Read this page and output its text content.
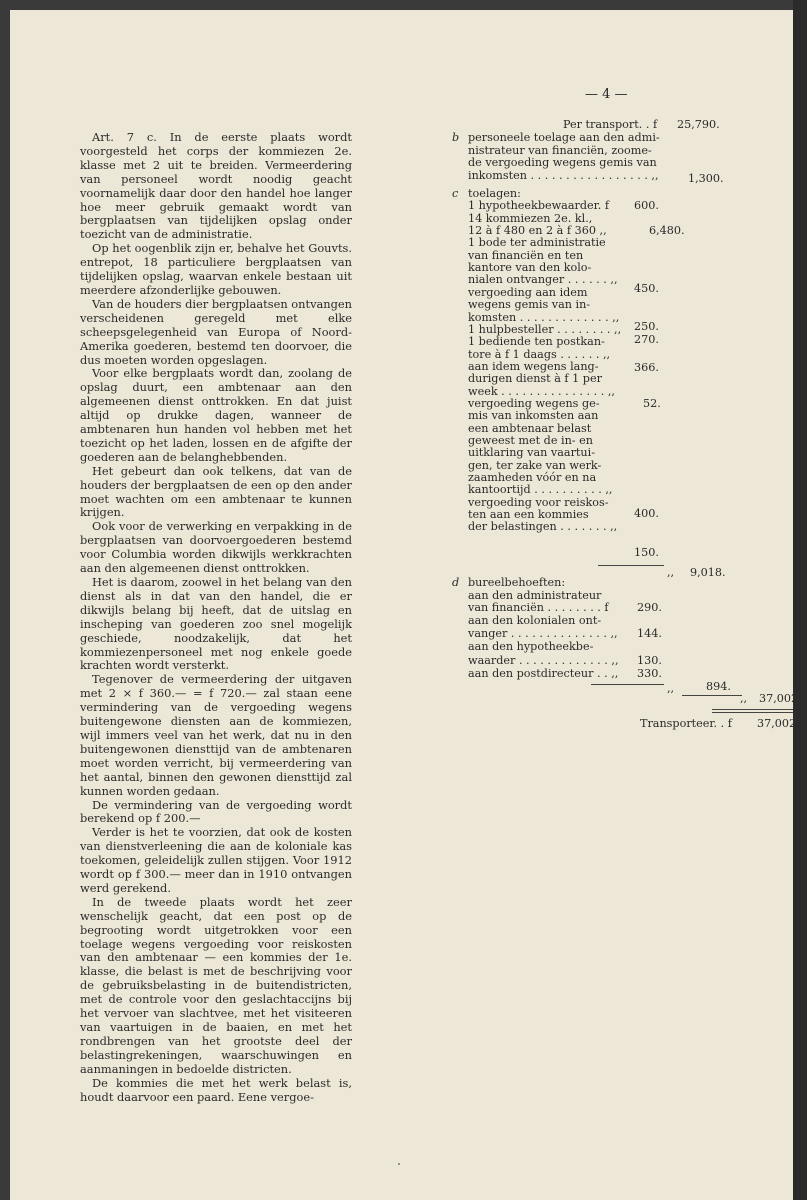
— 4 —

Art. 7 c. In de eerste plaats wordt voorgesteld het corps der kommiezen 2e. klasse met 2 uit te breiden. Vermeerdering van personeel wordt noodig geacht voornamelijk daar door den handel hoe langer hoe meer gebruik gemaakt wordt van bergplaatsen van tijdelijken opslag onder toezicht van de administratie.

Op het oogenblik zijn er, behalve het Gouvts. entrepot, 18 particuliere bergplaatsen van tijdelijken opslag, waarvan enkele bestaan uit meerdere afzonderlijke gebouwen.

Van de houders dier bergplaatsen ontvangen verscheidenen geregeld met elke scheepsgelegenheid van Europa of Noord-Amerika goederen, bestemd ten doorvoer, die dus moeten worden opgeslagen.

Voor elke bergplaats wordt dan, zoolang de opslag duurt, een ambtenaar aan den algemeenen dienst onttrokken. En dat juist altijd op drukke dagen, wanneer de ambtenaren hun handen vol hebben met het toezicht op het laden, lossen en de afgifte der goederen aan de belanghebbenden.

Het gebeurt dan ook telkens, dat van de houders der bergplaatsen de een op den ander moet wachten om een ambtenaar te kunnen krijgen.

Ook voor de verwerking en verpakking in de bergplaatsen van doorvoergoederen bestemd voor Columbia worden dikwijls werkkrachten aan den algemeenen dienst onttrokken.

Het is daarom, zoowel in het belang van den dienst als in dat van den handel, die er dikwijls belang bij heeft, dat de uitslag en inscheping van goederen zoo snel mogelijk geschiede, noodzakelijk, dat het kommiezenpersoneel met nog enkele goede krachten wordt versterkt.

Tegenover de vermeerdering der uitgaven met 2 × f 360.— = f 720.— zal staan eene vermindering van de vergoeding wegens buitengewone diensten aan de kommiezen, wijl immers veel van het werk, dat nu in den buitengewonen diensttijd van de ambtenaren moet worden verricht, bij vermeerdering van het aantal, binnen den gewonen diensttijd zal kunnen worden gedaan.

De vermindering van de vergoeding wordt berekend op f 200.—

Verder is het te voorzien, dat ook de kosten van dienstverleening die aan de koloniale kas toekomen, geleidelijk zullen stijgen. Voor 1912 wordt op f 300.— meer dan in 1910 ontvangen werd gerekend.

In de tweede plaats wordt het zeer wenschelijk geacht, dat een post op de begrooting wordt uitgetrokken voor een toelage wegens vergoeding voor reiskosten van den ambtenaar — een kommies der 1e. klasse, die belast is met de beschrijving voor de gebruiksbelasting in de buitendistricten, met de controle voor den geslachtaccijns bij het vervoer van slachtvee, met het visiteeren van vaartuigen in de baaien, en met het rondbrengen van het grootste deel der belastingrekeningen, waarschuwingen en aanmaningen in bedoelde districten.

De kommies die met het werk belast is, houdt daarvoor een paard. Eene vergoe-

Per transport. . f 25,790.
b personeele toelage aan den admi-
nistrateur van financiën, zoome-
de vergoeding wegens gemis van
inkomsten . . . . . . . . . . . . . . . . . ,,	1,300.
c toelagen:
1 hypotheekbewaarder. f
14 kommiezen 2e. kl.,
12 à f 480 en 2 à f 360 ,,
1 bode ter administratie
van financiën en ten
kantore van den kolo-
nialen ontvanger . . . . . . ,,
vergoeding aan idem
wegens gemis van in-
komsten . . . . . . . . . . . . . ,,
1 hulpbesteller . . . . . . . . ,,
1 bediende ten postkan-
tore à f 1 daags . . . . . . ,,
aan idem wegens lang-
durigen dienst à f 1 per
week . . . . . . . . . . . . . . . ,,
vergoeding wegens ge-
mis van inkomsten aan
een ambtenaar belast
geweest met de in- en
uitklaring van vaartui-
gen, ter zake van werk-
zaamheden vóór en na
kantoortijd . . . . . . . . . . ,,
vergoeding voor reiskos-
ten aan een kommies
der belastingen . . . . . . . ,,
600.
6,480.
450.
250.
270.
366.
52.
400.
150.
,, 9,018.
d bureelbehoeften:
aan den administrateur
van financiën . . . . . . . . f
aan den kolonialen ont-
vanger . . . . . . . . . . . . . . ,,
aan den hypotheekbe-
waarder . . . . . . . . . . . . . ,,
aan den postdirecteur . . ,,
290.
144.
130.
330.
,,	894.
,, 37,002.
Transporteer. . f 37,002.
